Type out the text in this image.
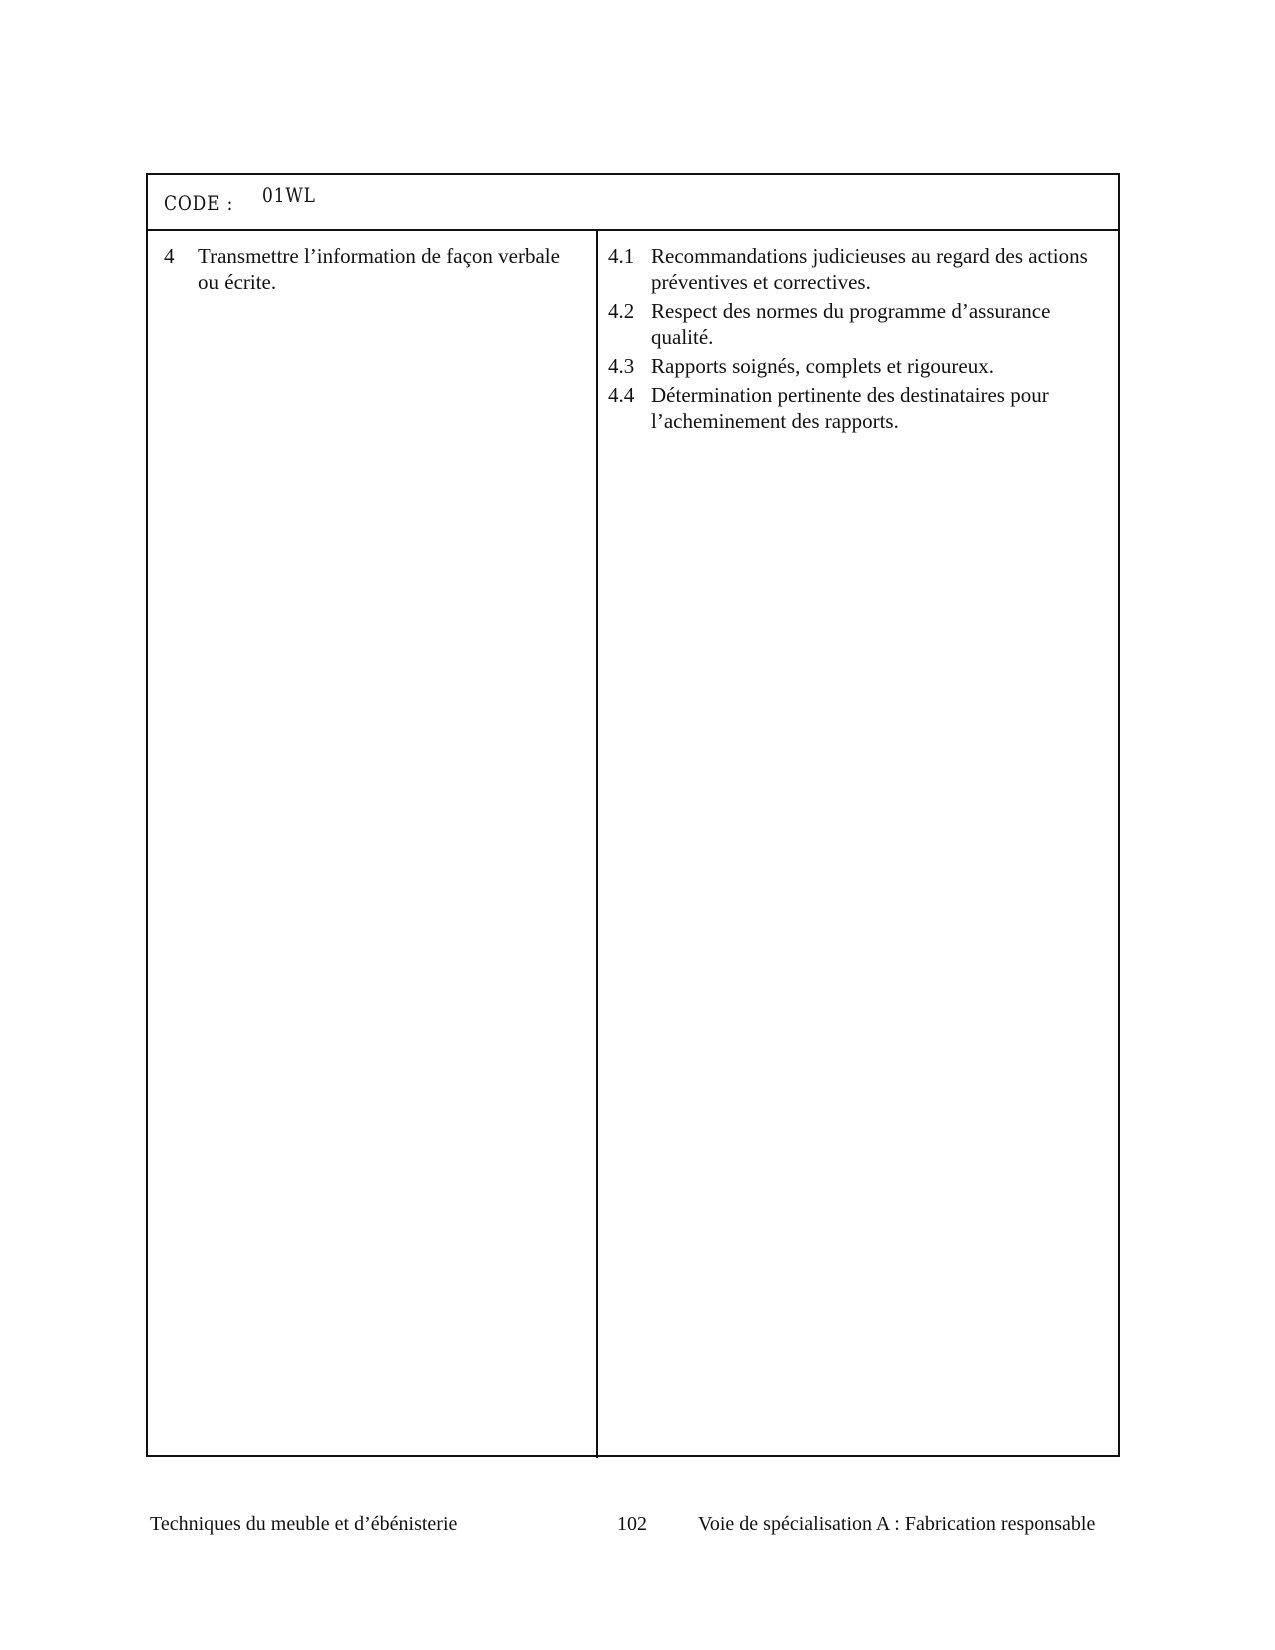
CODE : 01WL
4	Transmettre l’information de façon verbale ou écrite.
4.1 Recommandations judicieuses au regard des actions préventives et correctives.
4.2 Respect des normes du programme d’assurance qualité.
4.3 Rapports soignés, complets et rigoureux.
4.4 Détermination pertinente des destinataires pour l’acheminement des rapports.
Techniques du meuble et d’ébénisterie	102	Voie de spécialisation A : Fabrication responsable
